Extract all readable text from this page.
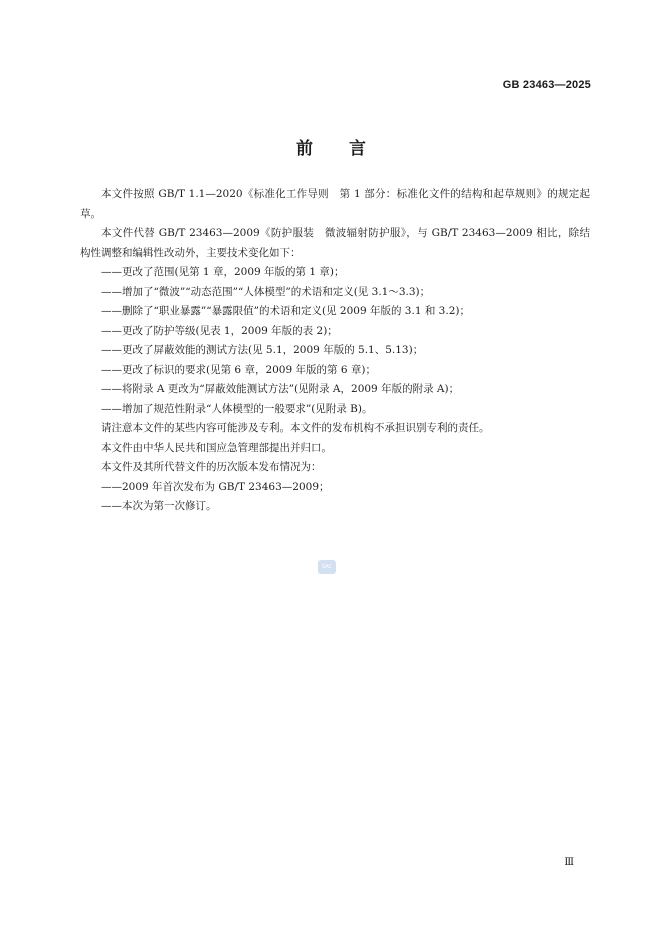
GB 23463—2025
前言

本文件按照 GB/T 1.1—2020《标准化工作导则　第 1 部分：标准化文件的结构和起草规则》的规定起草。

本文件代替 GB/T 23463—2009《防护服装　微波辐射防护服》，与 GB/T 23463—2009 相比，除结构性调整和编辑性改动外，主要技术变化如下：

——更改了范围(见第 1 章，2009 年版的第 1 章)；

——增加了“微波”“动态范围”“人体模型”的术语和定义(见 3.1～3.3)；

——删除了“职业暴露”“暴露限值”的术语和定义(见 2009 年版的 3.1 和 3.2)；

——更改了防护等级(见表 1，2009 年版的表 2)；

——更改了屏蔽效能的测试方法(见 5.1，2009 年版的 5.1、5.13)；

——更改了标识的要求(见第 6 章，2009 年版的第 6 章)；

——将附录 A 更改为“屏蔽效能测试方法”(见附录 A，2009 年版的附录 A)；

——增加了规范性附录“人体模型的一般要求”(见附录 B)。

请注意本文件的某些内容可能涉及专利。本文件的发布机构不承担识别专利的责任。

本文件由中华人民共和国应急管理部提出并归口。

本文件及其所代替文件的历次版本发布情况为：

——2009 年首次发布为 GB/T 23463—2009；

——本次为第一次修订。

SAC
Ⅲ
